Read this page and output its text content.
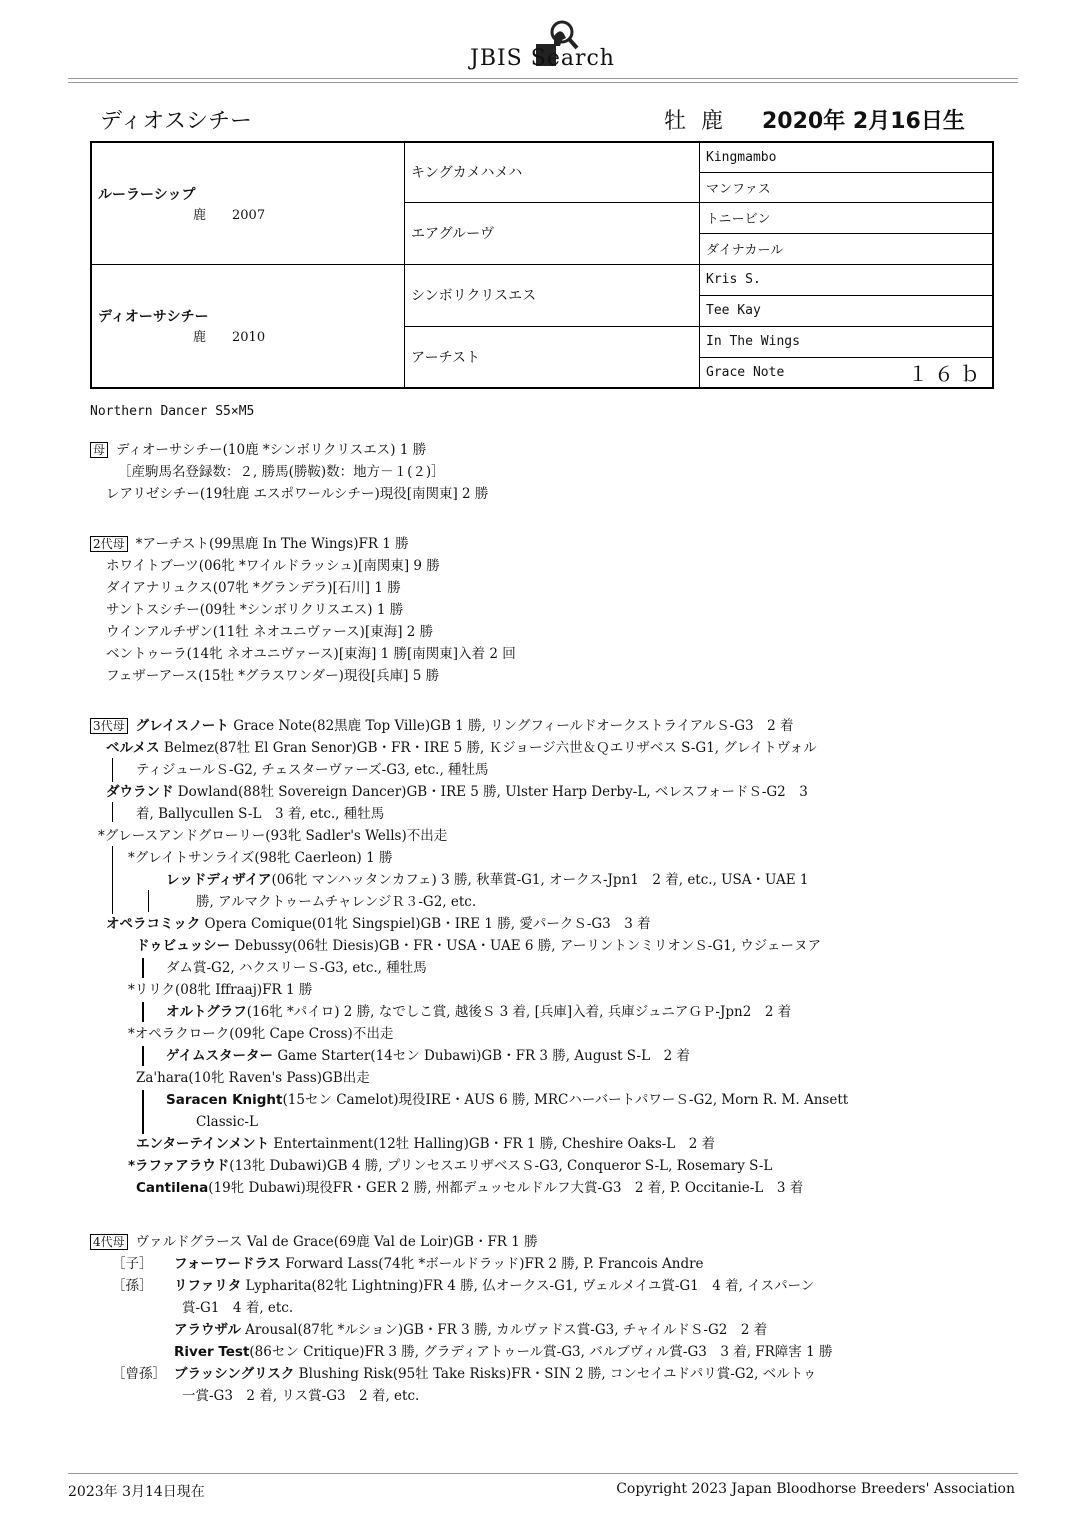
JBIS Search
ディオスシチー	牡 鹿 2020年 2月16日生
ルーラーシップ
鹿　　2007	キングカメハメハ	Kingmambo
		マンファス
	エアグルーヴ	トニービン
		ダイナカール

ディオーサシチー
鹿　　2010	シンボリクリスエス	Kris S.
		Tee Kay
	アーチスト	In The Wings

		Grace Note １６ｂ
Northern Dancer S5×M5
母 ディオーサシチー(10鹿 *シンボリクリスエス) 1 勝
［産駒馬名登録数：２, 勝馬(勝鞍)数：地方－１(２)］
レアリゼシチー(19牡鹿 エスポワールシチー)現役[南関東] 2 勝
2代母 *アーチスト(99黒鹿 In The Wings)FR 1 勝
ホワイトブーツ(06牝 *ワイルドラッシュ)[南関東] 9 勝
ダイアナリュクス(07牝 *グランデラ)[石川] 1 勝
サントスシチー(09牡 *シンボリクリスエス) 1 勝
ウインアルチザン(11牡 ネオユニヴァース)[東海] 2 勝
ベントゥーラ(14牝 ネオユニヴァース)[東海] 1 勝[南関東]入着 2 回
フェザーアース(15牡 *グラスワンダー)現役[兵庫] 5 勝
3代母 グレイスノート Grace Note(82黒鹿 Top Ville)GB 1 勝, リングフィールドオークストライアルＳ-G3　2 着
ベルメス Belmez(87牡 El Gran Senor)GB・FR・IRE 5 勝, Ｋジョージ六世＆Ｑエリザベス S-G1, グレイトヴォル
ティジュールＳ-G2, チェスターヴァーズ-G3, etc., 種牡馬
ダウランド Dowland(88牡 Sovereign Dancer)GB・IRE 5 勝, Ulster Harp Derby-L, ベレスフォードＳ-G2　3
着, Ballycullen S-L　3 着, etc., 種牡馬
*グレースアンドグローリー(93牝 Sadler's Wells)不出走
*グレイトサンライズ(98牝 Caerleon) 1 勝
レッドディザイア(06牝 マンハッタンカフェ) 3 勝, 秋華賞-G1, オークス-Jpn1　2 着, etc., USA・UAE 1
勝, アルマクトゥームチャレンジＲ３-G2, etc.
オペラコミック Opera Comique(01牝 Singspiel)GB・IRE 1 勝, 愛パークＳ-G3　3 着
ドゥビュッシー Debussy(06牡 Diesis)GB・FR・USA・UAE 6 勝, アーリントンミリオンＳ-G1, ウジェーヌア
ダム賞-G2, ハクスリーＳ-G3, etc., 種牡馬
*リリク(08牝 Iffraaj)FR 1 勝
オルトグラフ(16牝 *パイロ) 2 勝, なでしこ賞, 越後Ｓ 3 着, [兵庫]入着, 兵庫ジュニアＧＰ-Jpn2　2 着
*オペラクローク(09牝 Cape Cross)不出走
ゲイムスターター Game Starter(14セン Dubawi)GB・FR 3 勝, August S-L　2 着
Za'hara(10牝 Raven's Pass)GB出走
Saracen Knight(15セン Camelot)現役IRE・AUS 6 勝, MRCハーバートパワーＳ-G2, Morn R. M. Ansett
Classic-L
エンターテインメント Entertainment(12牡 Halling)GB・FR 1 勝, Cheshire Oaks-L　2 着
*ラファアラウド(13牝 Dubawi)GB 4 勝, プリンセスエリザベスＳ-G3, Conqueror S-L, Rosemary S-L
Cantilena(19牝 Dubawi)現役FR・GER 2 勝, 州都デュッセルドルフ大賞-G3　2 着, P. Occitanie-L　3 着
4代母 ヴァルドグラース Val de Grace(69鹿 Val de Loir)GB・FR 1 勝
［子］ フォーワードラス Forward Lass(74牝 *ボールドラッド)FR 2 勝, P. Francois Andre
［孫］ リファリタ Lypharita(82牝 Lightning)FR 4 勝, 仏オークス-G1, ヴェルメイユ賞-G1　4 着, イスパーン
賞-G1　4 着, etc.
アラウザル Arousal(87牝 *ルション)GB・FR 3 勝, カルヴァドス賞-G3, チャイルドＳ-G2　2 着
River Test(86セン Critique)FR 3 勝, グラディアトゥール賞-G3, バルブヴィル賞-G3　3 着, FR障害 1 勝
［曾孫］ ブラッシングリスク Blushing Risk(95牡 Take Risks)FR・SIN 2 勝, コンセイユドパリ賞-G2, ベルトゥ
一賞-G3　2 着, リス賞-G3　2 着, etc.
2023年 3月14日現在	Copyright 2023 Japan Bloodhorse Breeders' Association
